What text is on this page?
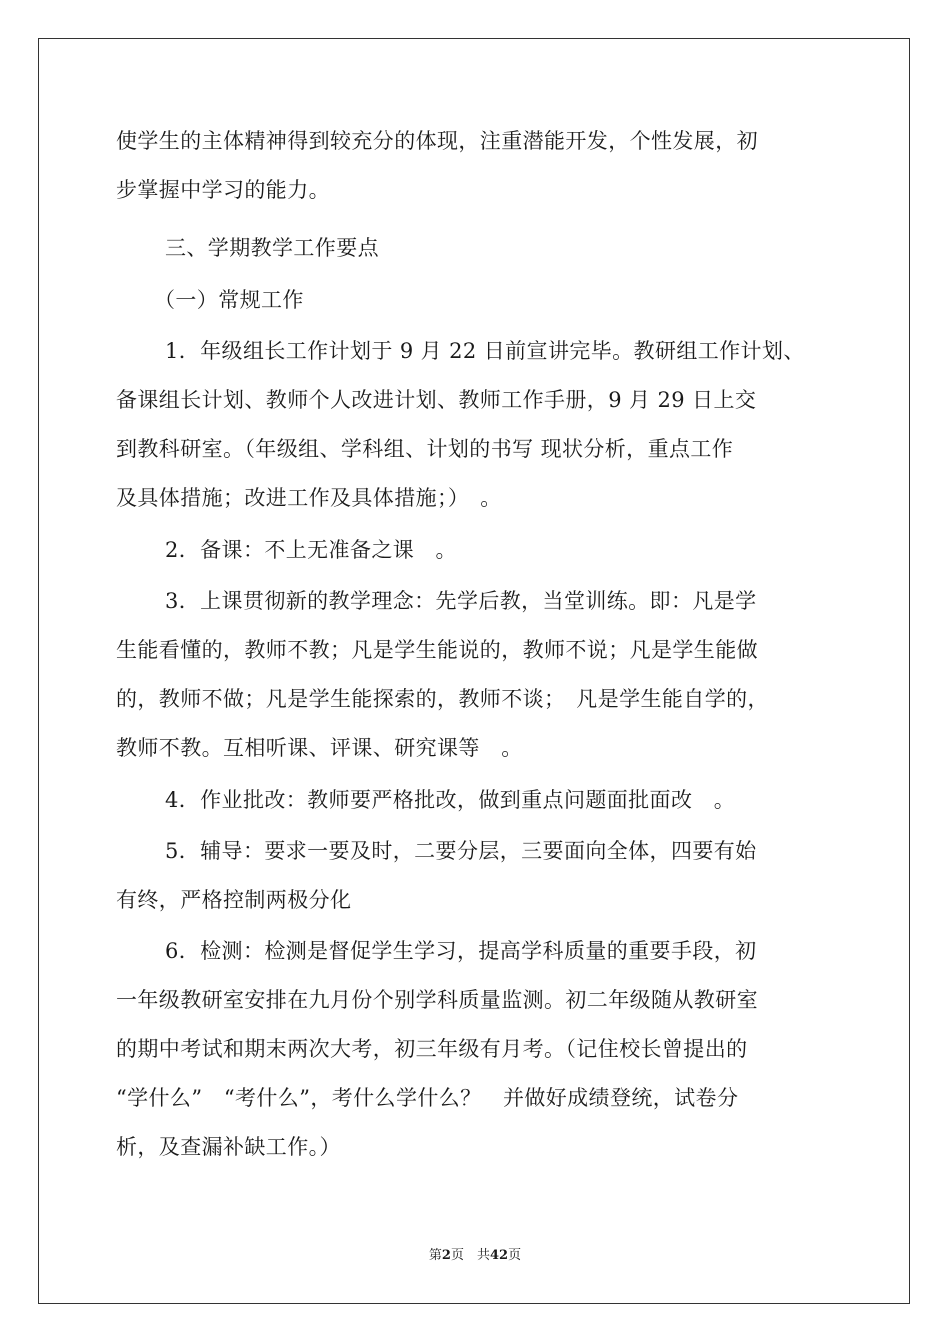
使学生的主体精神得到较充分的体现，注重潜能开发，个性发展，初
步掌握中学习的能力。
三、学期教学工作要点
（一）常规工作
1．年级组长工作计划于 9 月 22 日前宣讲完毕。教研组工作计划、
备课组长计划、教师个人改进计划、教师工作手册，9 月 29 日上交
到教科研室。（年级组、学科组、计划的书写 现状分析，重点工作
及具体措施；改进工作及具体措施；）　。
2．备课：不上无准备之课　。
3．上课贯彻新的教学理念：先学后教，当堂训练。即：凡是学
生能看懂的，教师不教；凡是学生能说的，教师不说；凡是学生能做
的，教师不做；凡是学生能探索的，教师不谈；　凡是学生能自学的，
教师不教。互相听课、评课、研究课等　。
4．作业批改：教师要严格批改，做到重点问题面批面改　。
5．辅导：要求一要及时，二要分层，三要面向全体，四要有始
有终，严格控制两极分化
6．检测：检测是督促学生学习，提高学科质量的重要手段，初
一年级教研室安排在九月份个别学科质量监测。初二年级随从教研室
的期中考试和期末两次大考，初三年级有月考。（记住校长曾提出的
“学什么”　“考什么”，考什么学什么？　并做好成绩登统，试卷分
析，及查漏补缺工作。）
第2页　共42页
